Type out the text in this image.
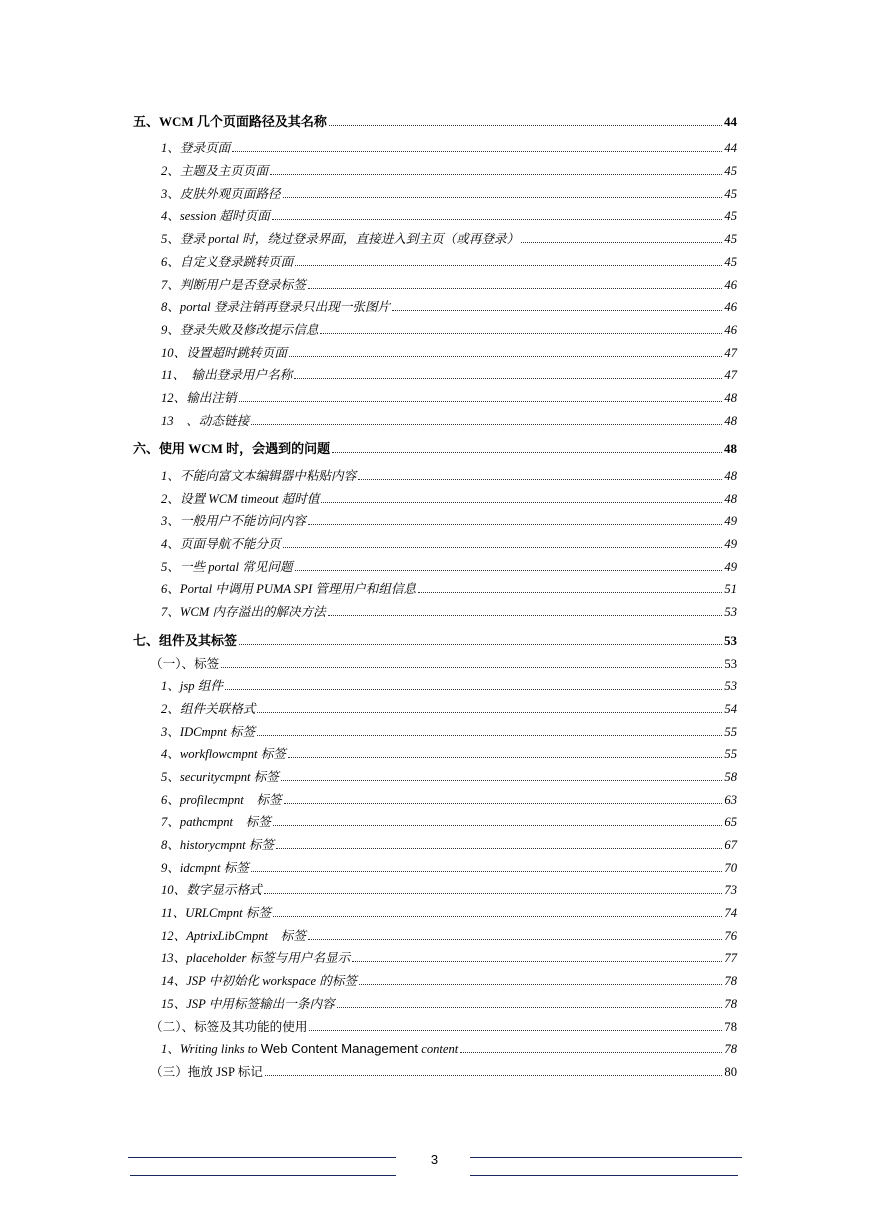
五、WCM 几个页面路径及其名称	44
1、登录页面	44
2、主题及主页页面	45
3、皮肤外观页面路径	45
4、session 超时页面	45
5、登录 portal 时，绕过登录界面，直接进入到主页（或再登录）	45
6、自定义登录跳转页面	45
7、判断用户是否登录标签	46
8、portal 登录注销再登录只出现一张图片	46
9、登录失败及修改提示信息	46
10、设置超时跳转页面	47
11、　输出登录用户名称	47
12、输出注销	48
13　、动态链接	48
六、使用 WCM 时，会遇到的问题	48
1、不能向富文本编辑器中粘贴内容	48
2、设置 WCM timeout 超时值	48
3、一般用户不能访问内容	49
4、页面导航不能分页	49
5、一些 portal 常见问题	49
6、Portal 中调用 PUMA SPI 管理用户和组信息	51
7、WCM 内存溢出的解决方法	53
七、组件及其标签	53
（一）、标签	53
1、jsp 组件	53
2、组件关联格式	54
3、IDCmpnt 标签	55
4、workflowcmpnt 标签	55
5、securitycmpnt 标签	58
6、profilecmpnt　标签	63
7、pathcmpnt　标签	65
8、historycmpnt 标签	67
9、idcmpnt 标签	70
10、数字显示格式	73
11、URLCmpnt 标签	74
12、AptrixLibCmpnt　标签	76
13、placeholder 标签与用户名显示	77
14、JSP 中初始化 workspace 的标签	78
15、JSP 中用标签输出一条内容	78
（二）、标签及其功能的使用	78
1、Writing links to Web Content Management content	78
（三）拖放 JSP 标记	80
3
